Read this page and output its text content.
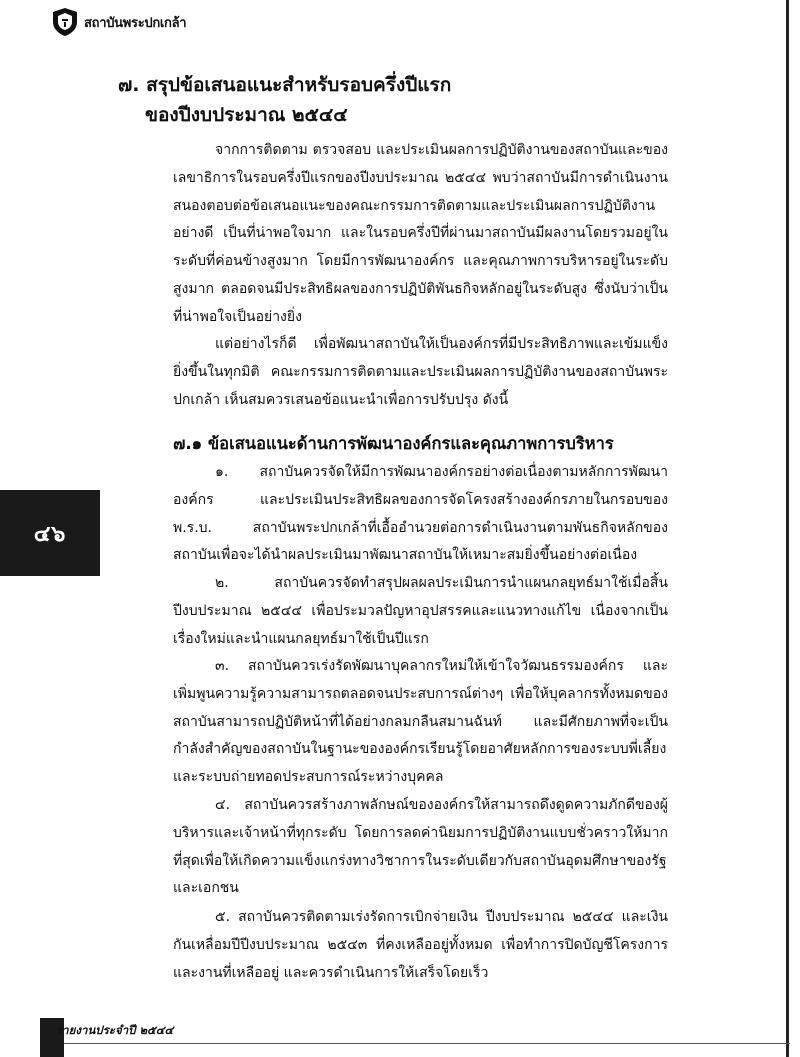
สถาบันพระปกเกล้า
๗. สรุปข้อเสนอแนะสำหรับรอบครึ่งปีแรก
ของปีงบประมาณ ๒๕๔๔
จากการติดตาม ตรวจสอบ และประเมินผลการปฏิบัติงานของสถาบันและของเลขาธิการในรอบครึ่งปีแรกของปีงบประมาณ ๒๕๔๔ พบว่าสถาบันมีการดำเนินงานสนองตอบต่อข้อเสนอแนะของคณะกรรมการติดตามและประเมินผลการปฏิบัติงานอย่างดี เป็นที่น่าพอใจมาก และในรอบครึ่งปีที่ผ่านมาสถาบันมีผลงานโดยรวมอยู่ในระดับที่ค่อนข้างสูงมาก โดยมีการพัฒนาองค์กร และคุณภาพการบริหารอยู่ในระดับสูงมาก ตลอดจนมีประสิทธิผลของการปฏิบัติพันธกิจหลักอยู่ในระดับสูง ซึ่งนับว่าเป็นที่น่าพอใจเป็นอย่างยิ่ง
แต่อย่างไรก็ดี เพื่อพัฒนาสถาบันให้เป็นองค์กรที่มีประสิทธิภาพและเข้มแข็งยิ่งขึ้นในทุกมิติ คณะกรรมการติดตามและประเมินผลการปฏิบัติงานของสถาบันพระปกเกล้า เห็นสมควรเสนอข้อแนะนำเพื่อการปรับปรุง ดังนี้
๗.๑ ข้อเสนอแนะด้านการพัฒนาองค์กรและคุณภาพการบริหาร
๑. สถาบันควรจัดให้มีการพัฒนาองค์กรอย่างต่อเนื่องตามหลักการพัฒนาองค์กร และประเมินประสิทธิผลของการจัดโครงสร้างองค์กรภายในกรอบของ พ.ร.บ. สถาบันพระปกเกล้าที่เอื้ออำนวยต่อการดำเนินงานตามพันธกิจหลักของสถาบันเพื่อจะได้นำผลประเมินมาพัฒนาสถาบันให้เหมาะสมยิ่งขึ้นอย่างต่อเนื่อง
๒. สถาบันควรจัดทำสรุปผลผลประเมินการนำแผนกลยุทธ์มาใช้เมื่อสิ้นปีงบประมาณ ๒๕๔๔ เพื่อประมวลปัญหาอุปสรรคและแนวทางแก้ไข เนื่องจากเป็นเรื่องใหม่และนำแผนกลยุทธ์มาใช้เป็นปีแรก
๓. สถาบันควรเร่งรัดพัฒนาบุคลากรใหม่ให้เข้าใจวัฒนธรรมองค์กร และเพิ่มพูนความรู้ความสามารถตลอดจนประสบการณ์ต่างๆ เพื่อให้บุคลากรทั้งหมดของสถาบันสามารถปฏิบัติหน้าที่ได้อย่างกลมกลืนสมานฉันท์ และมีศักยภาพที่จะเป็นกำลังสำคัญของสถาบันในฐานะขององค์กรเรียนรู้โดยอาศัยหลักการของระบบพี่เลี้ยงและระบบถ่ายทอดประสบการณ์ระหว่างบุคคล
๔. สถาบันควรสร้างภาพลักษณ์ขององค์กรให้สามารถดึงดูดความภักดีของผู้บริหารและเจ้าหน้าที่ทุกระดับ โดยการลดค่านิยมการปฏิบัติงานแบบชั่วคราวให้มากที่สุดเพื่อให้เกิดความแข็งแกร่งทางวิชาการในระดับเดียวกับสถาบันอุดมศึกษาของรัฐและเอกชน
๕. สถาบันควรติดตามเร่งรัดการเบิกจ่ายเงิน ปีงบประมาณ ๒๕๔๔ และเงินกันเหลื่อมปีปีงบประมาณ ๒๕๔๓ ที่คงเหลืออยู่ทั้งหมด เพื่อทำการปิดบัญชีโครงการและงานที่เหลืออยู่ และควรดำเนินการให้เสร็จโดยเร็ว
๔๖
รายงานประจำปี ๒๕๔๔
